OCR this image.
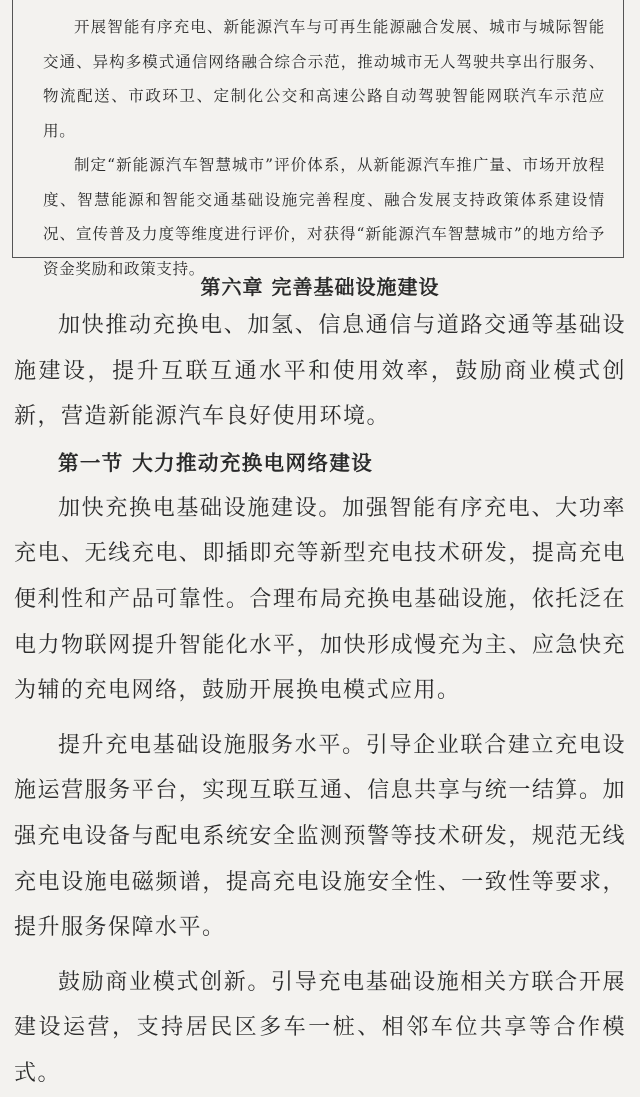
开展智能有序充电、新能源汽车与可再生能源融合发展、城市与城际智能交通、异构多模式通信网络融合综合示范，推动城市无人驾驶共享出行服务、物流配送、市政环卫、定制化公交和高速公路自动驾驶智能网联汽车示范应用。

制定“新能源汽车智慧城市”评价体系，从新能源汽车推广量、市场开放程度、智慧能源和智能交通基础设施完善程度、融合发展支持政策体系建设情况、宣传普及力度等维度进行评价，对获得“新能源汽车智慧城市”的地方给予资金奖励和政策支持。

第六章 完善基础设施建设

加快推动充换电、加氢、信息通信与道路交通等基础设施建设，提升互联互通水平和使用效率，鼓励商业模式创新，营造新能源汽车良好使用环境。

第一节 大力推动充换电网络建设

加快充换电基础设施建设。加强智能有序充电、大功率充电、无线充电、即插即充等新型充电技术研发，提高充电便利性和产品可靠性。合理布局充换电基础设施，依托泛在电力物联网提升智能化水平，加快形成慢充为主、应急快充为辅的充电网络，鼓励开展换电模式应用。

提升充电基础设施服务水平。引导企业联合建立充电设施运营服务平台，实现互联互通、信息共享与统一结算。加强充电设备与配电系统安全监测预警等技术研发，规范无线充电设施电磁频谱，提高充电设施安全性、一致性等要求，提升服务保障水平。

鼓励商业模式创新。引导充电基础设施相关方联合开展建设运营，支持居民区多车一桩、相邻车位共享等合作模式。
